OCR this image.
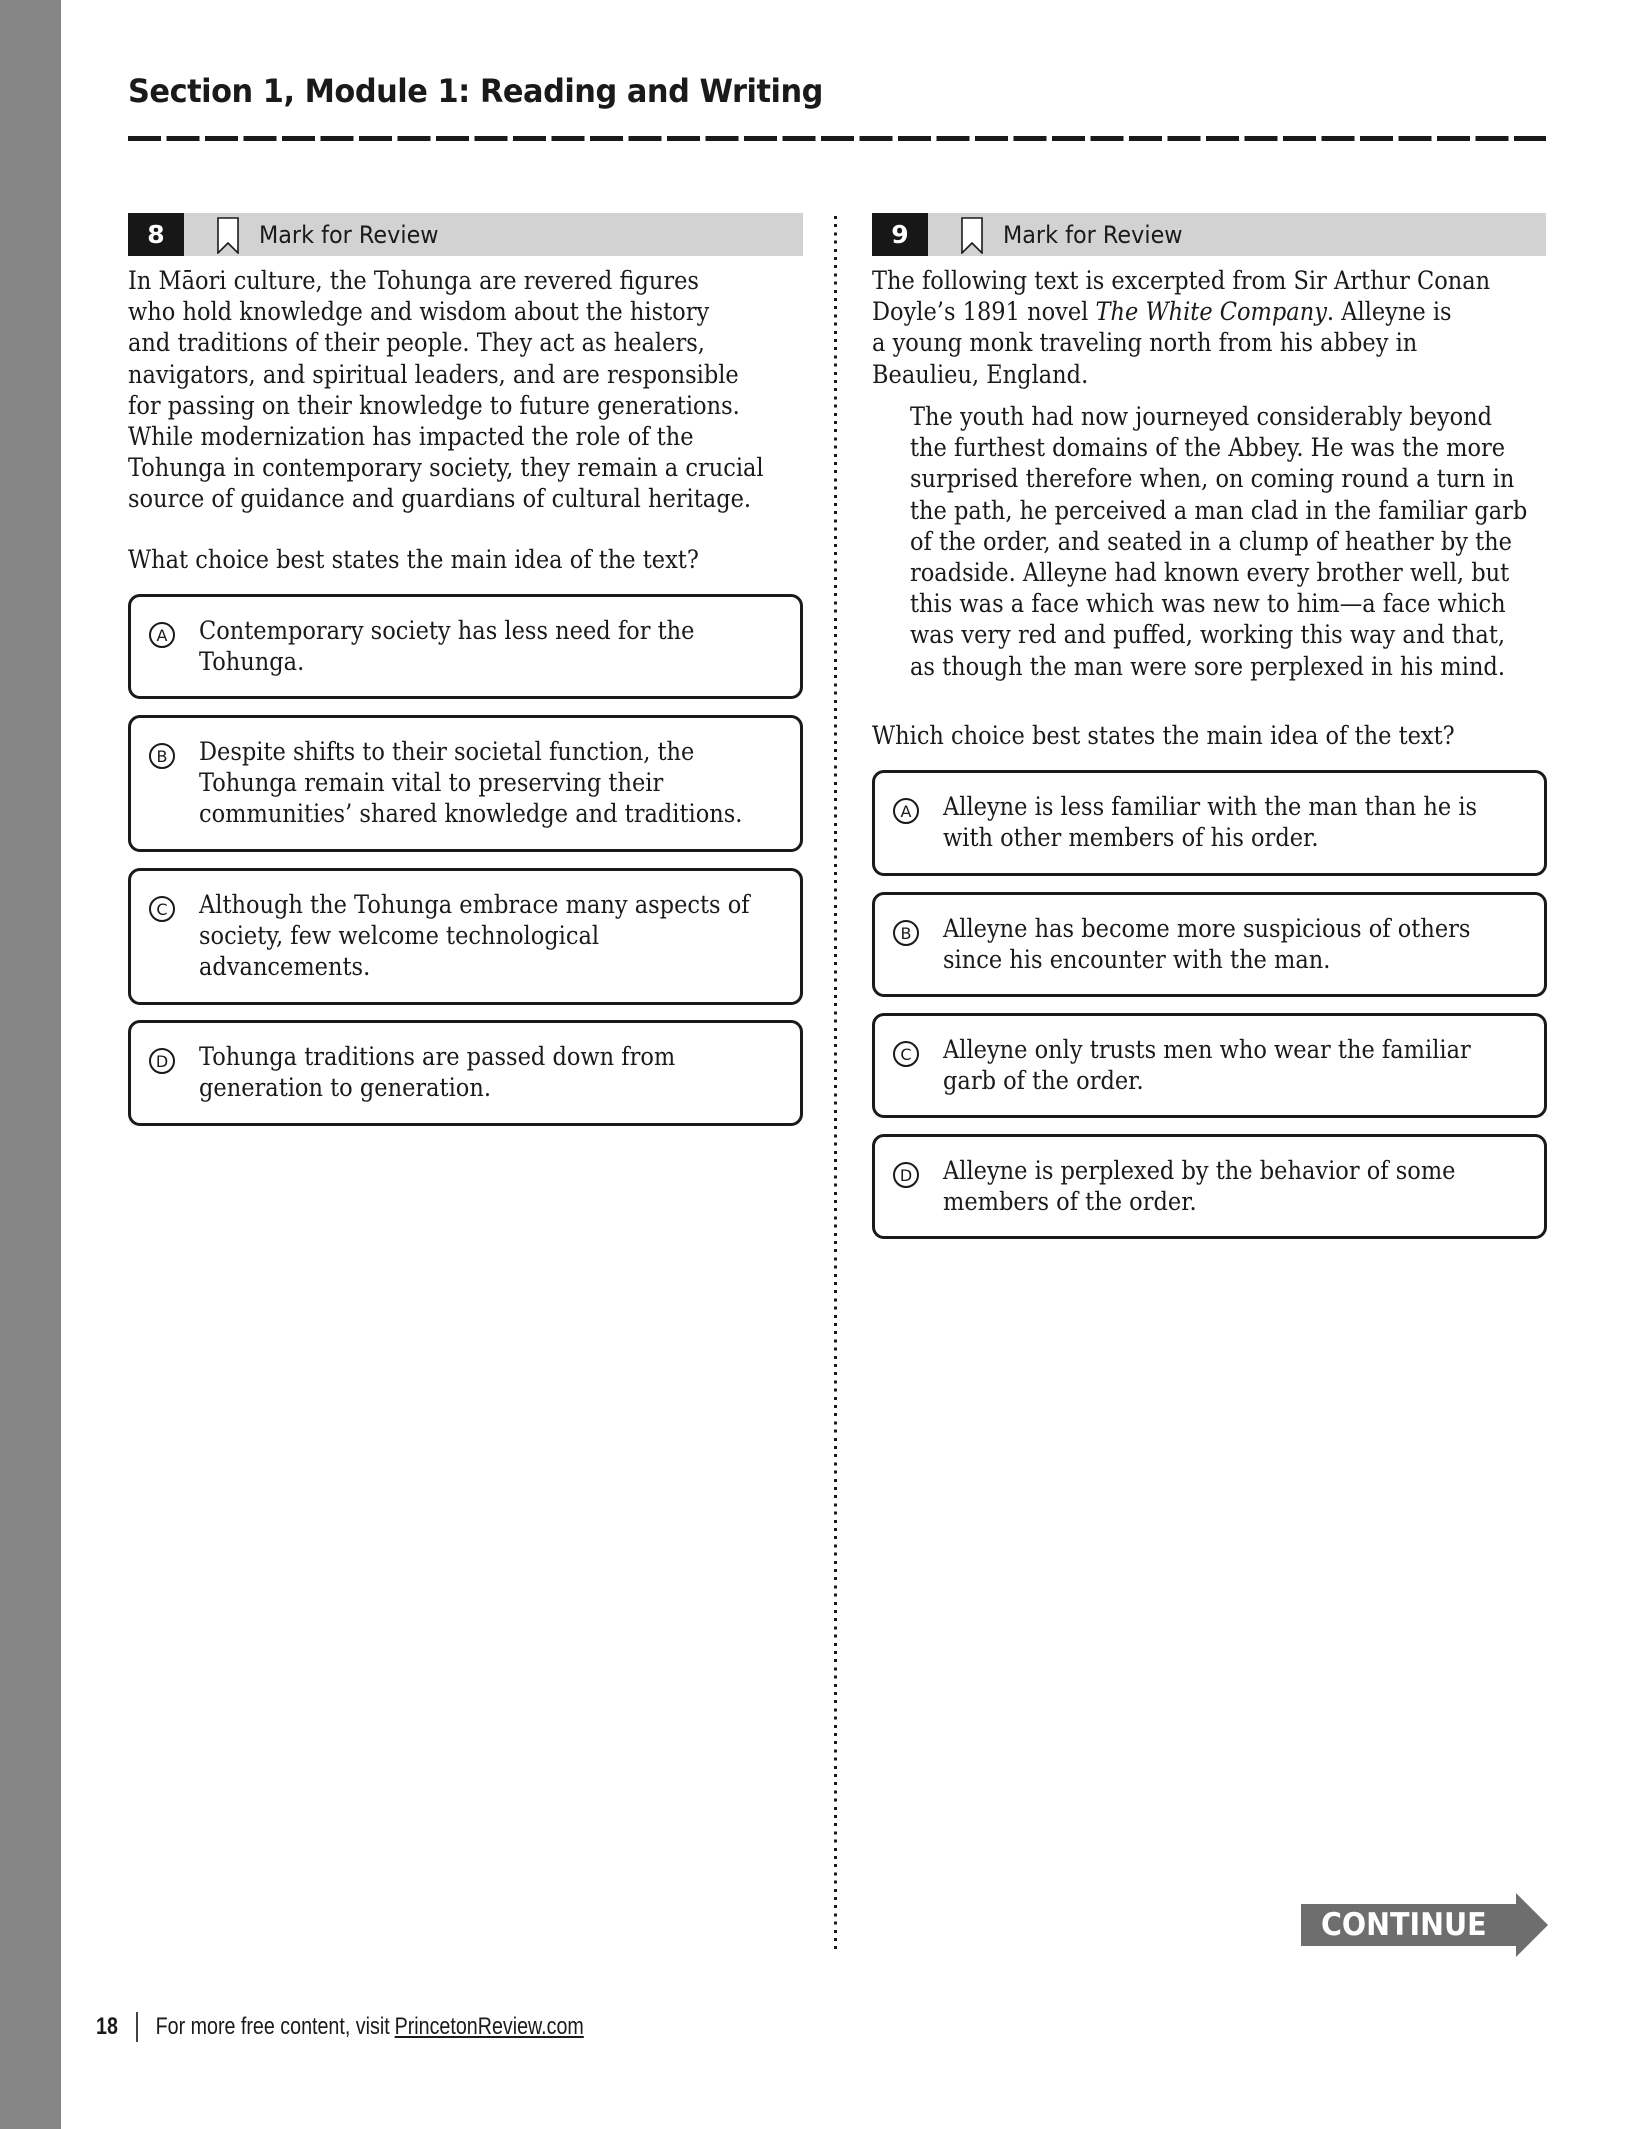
Section 1, Module 1: Reading and Writing
8	Mark for Review
In Māori culture, the Tohunga are revered figures
who hold knowledge and wisdom about the history
and traditions of their people. They act as healers,
navigators, and spiritual leaders, and are responsible
for passing on their knowledge to future generations.
While modernization has impacted the role of the
Tohunga in contemporary society, they remain a crucial
source of guidance and guardians of cultural heritage.
What choice best states the main idea of the text?
A	Contemporary society has less need for the
Tohunga.
B	Despite shifts to their societal function, the
Tohunga remain vital to preserving their
communities’ shared knowledge and traditions.
C Although the Tohunga embrace many aspects of
society, few welcome technological
advancements.
D Tohunga traditions are passed down from
generation to generation.
9	Mark for Review
The following text is excerpted from Sir Arthur Conan
Doyle’s 1891 novel The White Company. Alleyne is
a young monk traveling north from his abbey in
Beaulieu, England.
The youth had now journeyed considerably beyond
the furthest domains of the Abbey. He was the more
surprised therefore when, on coming round a turn in
the path, he perceived a man clad in the familiar garb
of the order, and seated in a clump of heather by the
roadside. Alleyne had known every brother well, but
this was a face which was new to him—a face which
was very red and puffed, working this way and that,
as though the man were sore perplexed in his mind.
Which choice best states the main idea of the text?
A	Alleyne is less familiar with the man than he is
with other members of his order.
B	Alleyne has become more suspicious of others
since his encounter with the man.
C Alleyne only trusts men who wear the familiar
garb of the order.
D Alleyne is perplexed by the behavior of some
members of the order.
CONTINUE
18 For more free content, visit PrincetonReview.com
